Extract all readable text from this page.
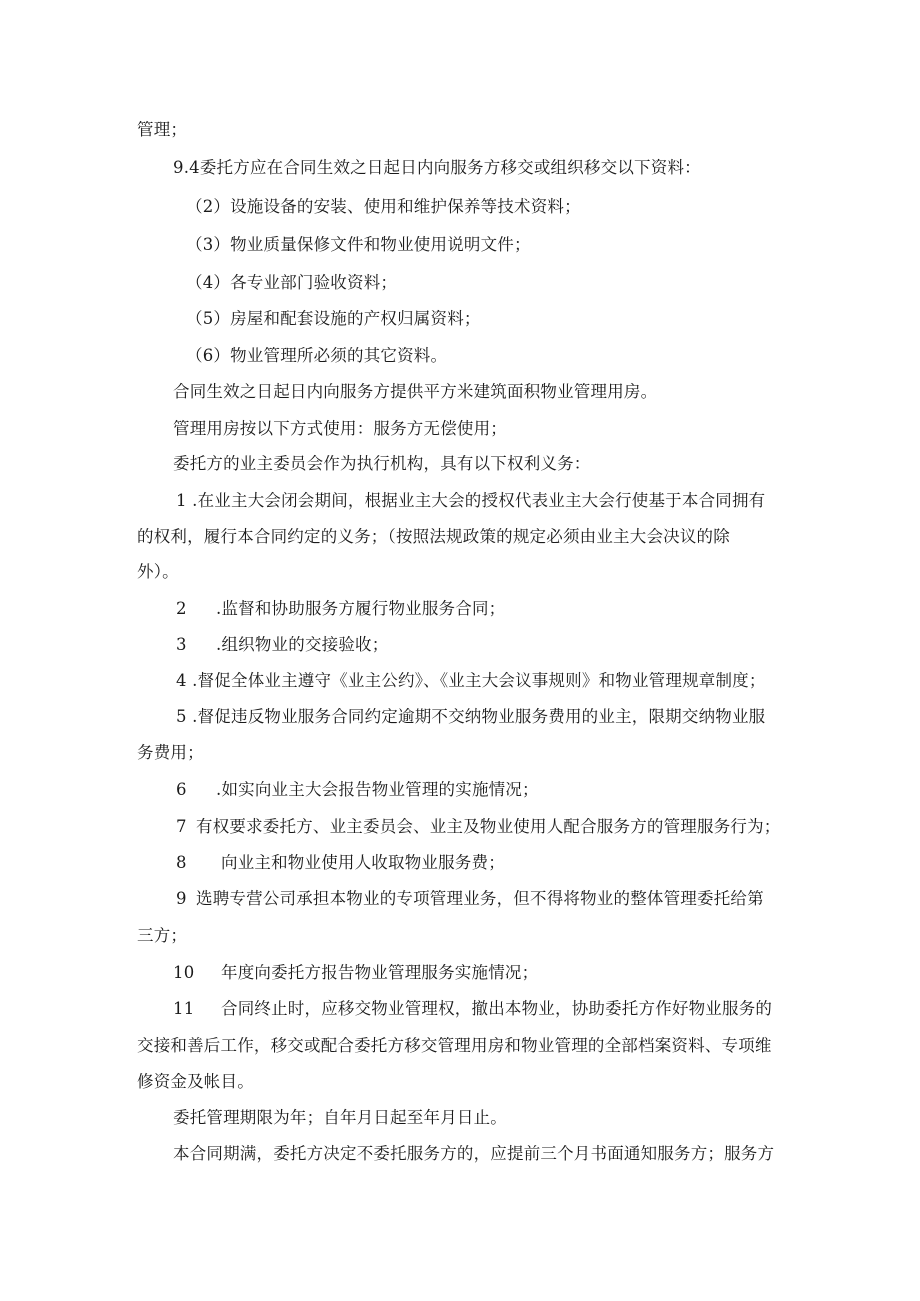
管理；
9.4委托方应在合同生效之日起日内向服务方移交或组织移交以下资料：
（2）设施设备的安装、使用和维护保养等技术资料；
（3）物业质量保修文件和物业使用说明文件；
（4）各专业部门验收资料；
（5）房屋和配套设施的产权归属资料；
（6）物业管理所必须的其它资料。
合同生效之日起日内向服务方提供平方米建筑面积物业管理用房。
管理用房按以下方式使用：服务方无偿使用；
委托方的业主委员会作为执行机构，具有以下权利义务：
1 .在业主大会闭会期间，根据业主大会的授权代表业主大会行使基于本合同拥有
的权利，履行本合同约定的义务；（按照法规政策的规定必须由业主大会决议的除
外）。
2 .监督和协助服务方履行物业服务合同；
3 .组织物业的交接验收；
4 .督促全体业主遵守《业主公约》、《业主大会议事规则》和物业管理规章制度；
5 .督促违反物业服务合同约定逾期不交纳物业服务费用的业主，限期交纳物业服
务费用；
6 .如实向业主大会报告物业管理的实施情况；
7 有权要求委托方、业主委员会、业主及物业使用人配合服务方的管理服务行为；
8 向业主和物业使用人收取物业服务费；
9 选聘专营公司承担本物业的专项管理业务，但不得将物业的整体管理委托给第
三方；
10 年度向委托方报告物业管理服务实施情况；
11 合同终止时，应移交物业管理权，撤出本物业，协助委托方作好物业服务的
交接和善后工作，移交或配合委托方移交管理用房和物业管理的全部档案资料、专项维
修资金及帐目。
委托管理期限为年；自年月日起至年月日止。
本合同期满，委托方决定不委托服务方的，应提前三个月书面通知服务方；服务方
